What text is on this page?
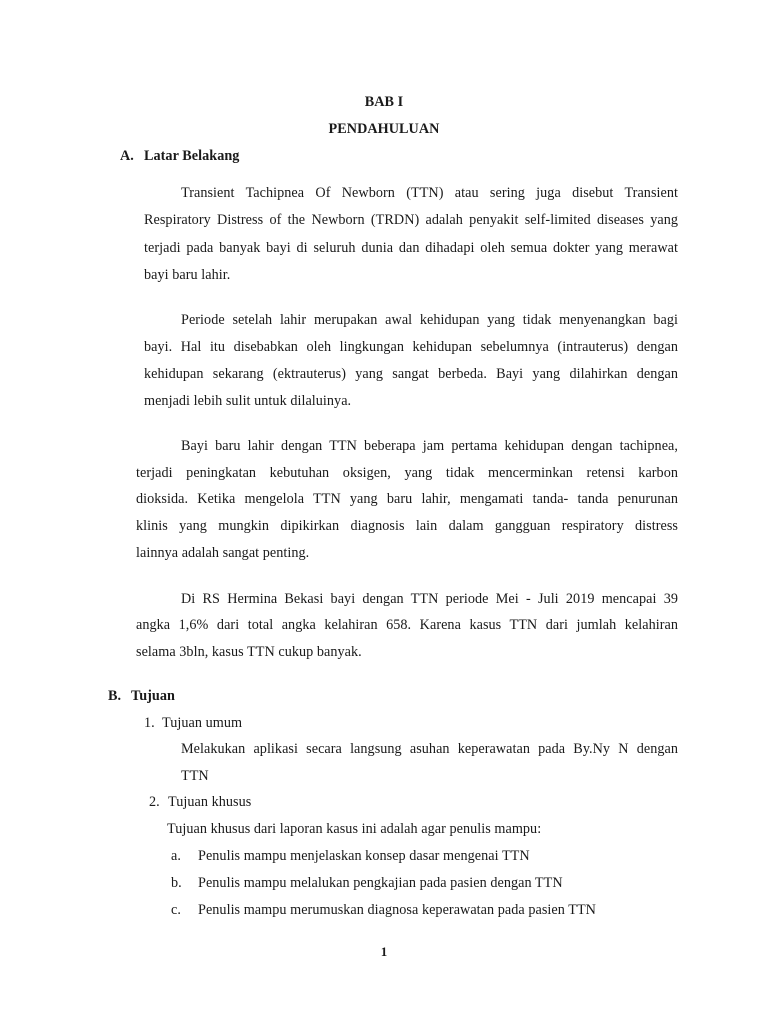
BAB I
PENDAHULUAN
A. Latar Belakang
Transient Tachipnea Of Newborn (TTN) atau sering juga disebut Transient
Respiratory Distress of the Newborn (TRDN) adalah penyakit self-limited diseases yang
terjadi pada banyak bayi di seluruh dunia dan dihadapi oleh semua dokter yang merawat
bayi baru lahir.
Periode setelah lahir merupakan awal kehidupan yang tidak menyenangkan bagi
bayi. Hal itu disebabkan oleh lingkungan kehidupan sebelumnya (intrauterus) dengan
kehidupan sekarang (ektrauterus) yang sangat berbeda. Bayi yang dilahirkan dengan
menjadi lebih sulit untuk dilaluinya.
Bayi baru lahir dengan TTN beberapa jam pertama kehidupan dengan tachipnea,
terjadi peningkatan kebutuhan oksigen, yang tidak mencerminkan retensi karbon
dioksida. Ketika mengelola TTN yang baru lahir, mengamati tanda- tanda penurunan
klinis yang mungkin dipikirkan diagnosis lain dalam gangguan respiratory distress
lainnya adalah sangat penting.
Di RS Hermina Bekasi bayi dengan TTN periode Mei - Juli 2019 mencapai 39
angka 1,6% dari total angka kelahiran 658. Karena kasus TTN dari jumlah kelahiran
selama 3bln, kasus TTN cukup banyak.
B. Tujuan
1. Tujuan umum
Melakukan aplikasi secara langsung asuhan keperawatan pada By.Ny N dengan
TTN
2. Tujuan khusus
Tujuan khusus dari laporan kasus ini adalah agar penulis mampu:
a. Penulis mampu menjelaskan konsep dasar mengenai TTN
b. Penulis mampu melalukan pengkajian pada pasien dengan TTN
c. Penulis mampu merumuskan diagnosa keperawatan pada pasien TTN
1
